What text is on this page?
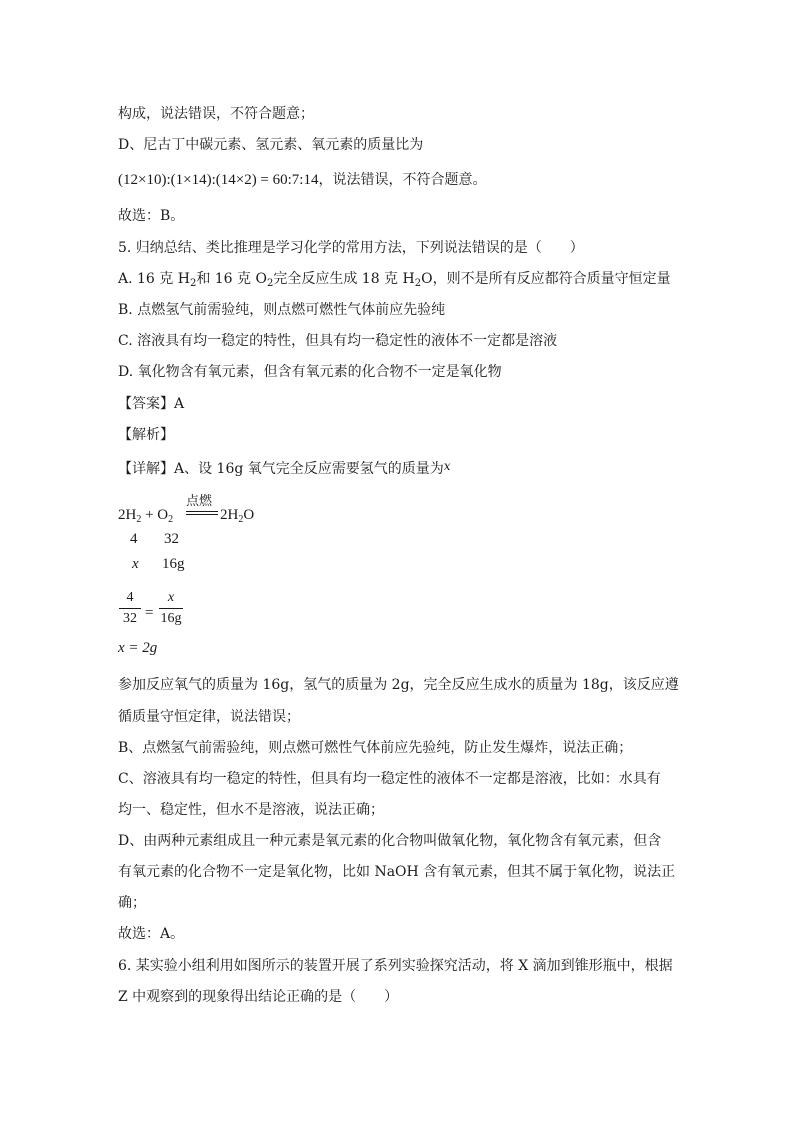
构成，说法错误，不符合题意；
D、尼古丁中碳元素、氢元素、氧元素的质量比为
(12×10):(1×14):(14×2) = 60:7:14，说法错误，不符合题意。
故选：B。
5. 归纳总结、类比推理是学习化学的常用方法，下列说法错误的是（　　）
A. 16 克 $H_2$和 16 克 $O_2$完全反应生成 18 克 $H_2O$，则不是所有反应都符合质量守恒定量
B. 点燃氢气前需验纯，则点燃可燃性气体前应先验纯
C. 溶液具有均一稳定的特性，但具有均一稳定性的液体不一定都是溶液
D. 氧化物含有氧元素，但含有氧元素的化合物不一定是氧化物
【答案】A
【解析】
【详解】A、设 16g 氧气完全反应需要氢气的质量为x
点燃
$2H_2 + O_2$	$2H_2O$
4 32
x 16g
4
32 =
x
16g
x = 2g
参加反应氧气的质量为 16g，氢气的质量为 2g，完全反应生成水的质量为 18g，该反应遵
循质量守恒定律，说法错误；
B、点燃氢气前需验纯，则点燃可燃性气体前应先验纯，防止发生爆炸，说法正确；
C、溶液具有均一稳定的特性，但具有均一稳定性的液体不一定都是溶液，比如：水具有
均一、稳定性，但水不是溶液，说法正确；
D、由两种元素组成且一种元素是氧元素的化合物叫做氧化物，氧化物含有氧元素，但含
有氧元素的化合物不一定是氧化物，比如 NaOH 含有氧元素，但其不属于氧化物，说法正
确；
故选：A。
6. 某实验小组利用如图所示的装置开展了系列实验探究活动，将 X 滴加到锥形瓶中，根据
Z 中观察到的现象得出结论正确的是（　　）
